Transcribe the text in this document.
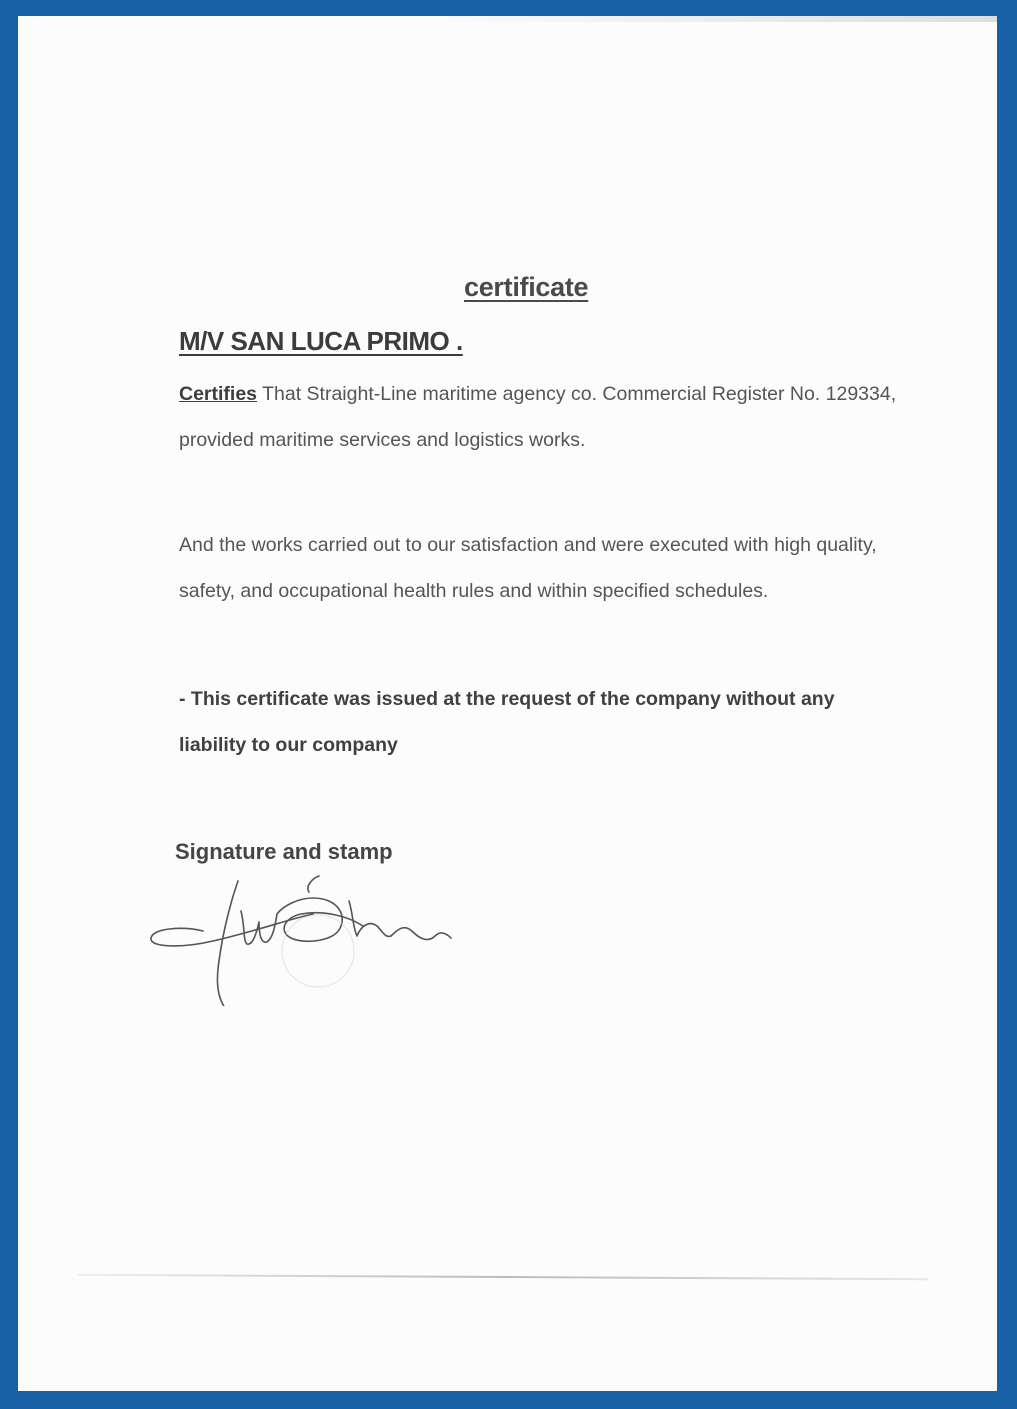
certificate
M/V SAN LUCA PRIMO .

Certifies That Straight-Line maritime agency co. Commercial Register No. 129334, provided maritime services and logistics works.

And the works carried out to our satisfaction and were executed with high quality, safety, and occupational health rules and within specified schedules.

- This certificate was issued at the request of the company without any liability to our company

Signature and stamp
